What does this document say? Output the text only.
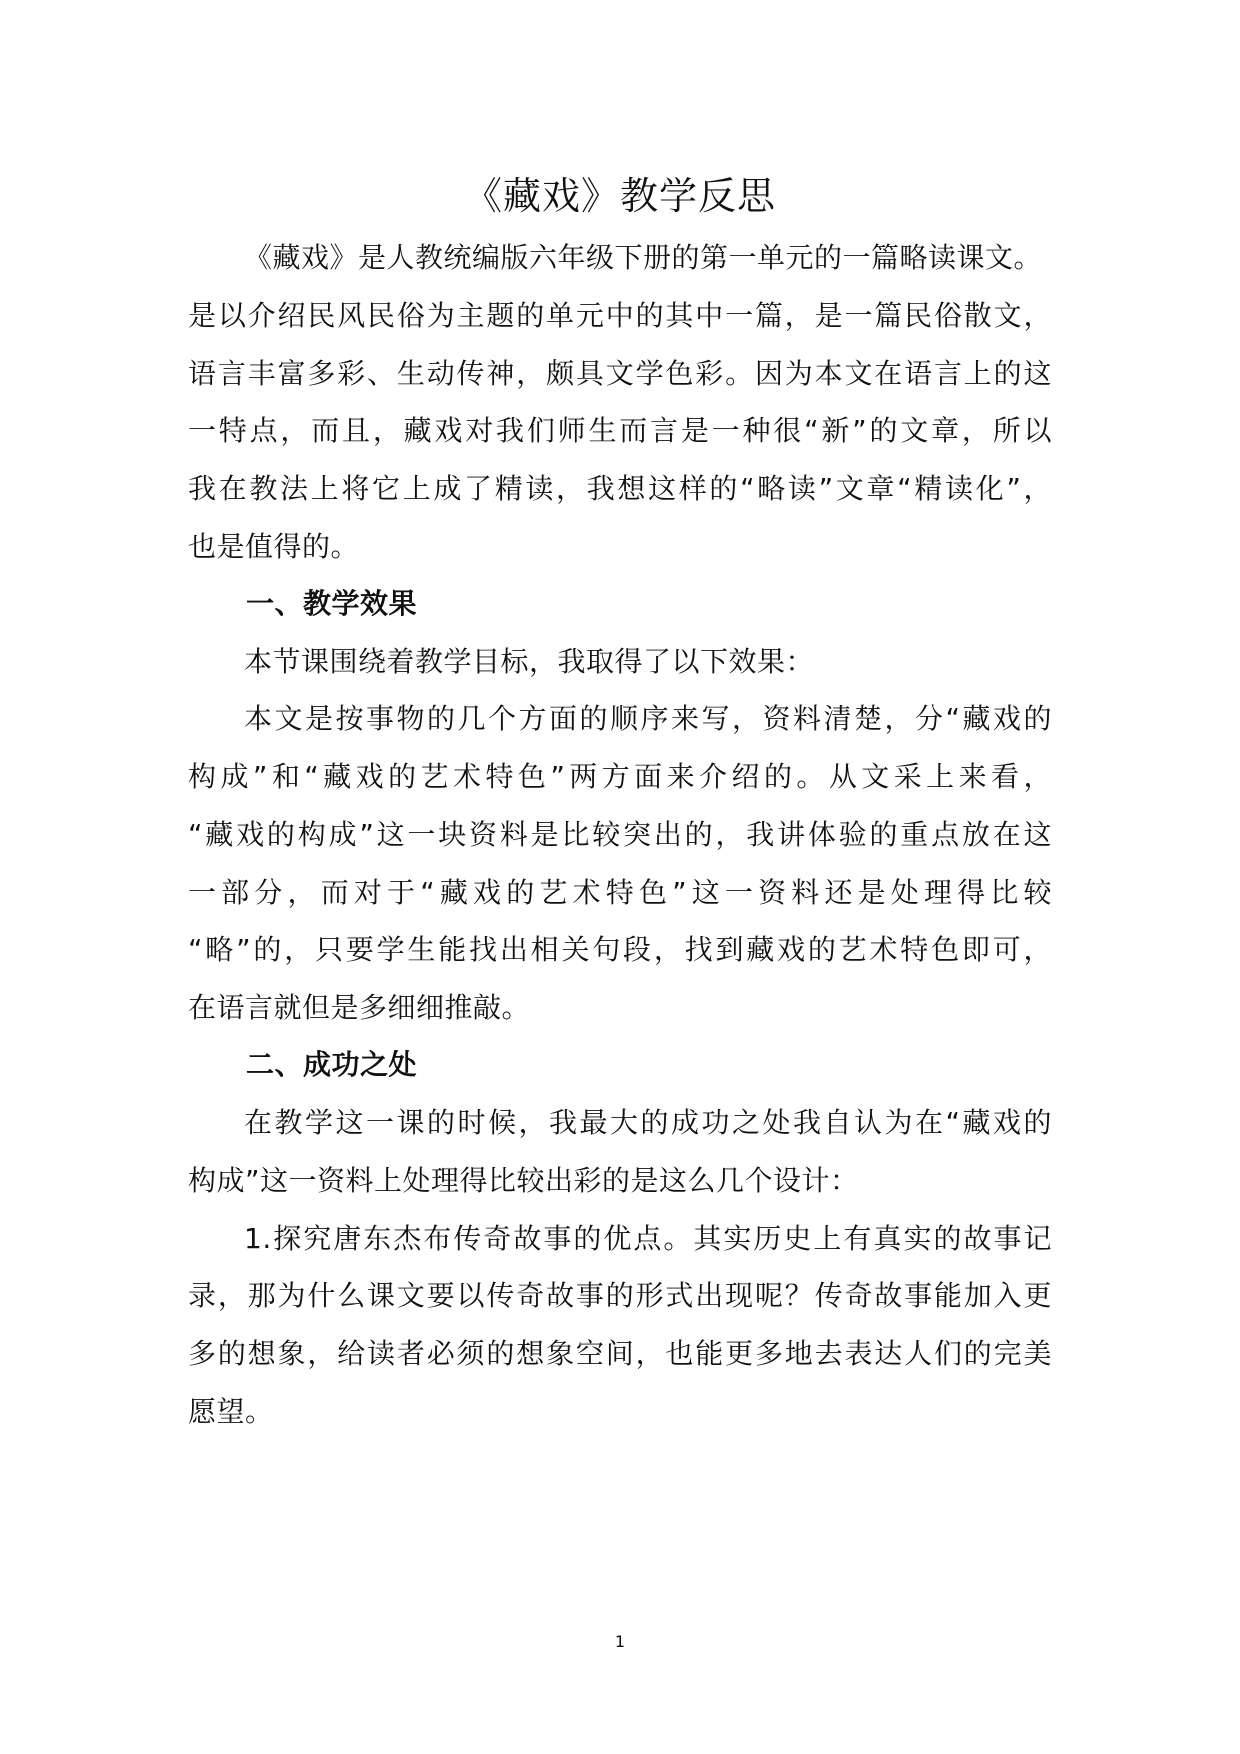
《藏戏》教学反思
《藏戏》是人教统编版六年级下册的第一单元的一篇略读课文。
是以介绍民风民俗为主题的单元中的其中一篇，是一篇民俗散文，
语言丰富多彩、生动传神，颇具文学色彩。因为本文在语言上的这
一特点，而且，藏戏对我们师生而言是一种很“新”的文章，所以
我在教法上将它上成了精读，我想这样的“略读”文章“精读化”，
也是值得的。
一、教学效果
本节课围绕着教学目标，我取得了以下效果：
本文是按事物的几个方面的顺序来写，资料清楚，分“藏戏的
构成”和“藏戏的艺术特色”两方面来介绍的。从文采上来看，
“藏戏的构成”这一块资料是比较突出的，我讲体验的重点放在这
一部分，而对于“藏戏的艺术特色”这一资料还是处理得比较
“略”的，只要学生能找出相关句段，找到藏戏的艺术特色即可，
在语言就但是多细细推敲。
二、成功之处
在教学这一课的时候，我最大的成功之处我自认为在“藏戏的
构成”这一资料上处理得比较出彩的是这么几个设计：
1.探究唐东杰布传奇故事的优点。其实历史上有真实的故事记
录，那为什么课文要以传奇故事的形式出现呢？传奇故事能加入更
多的想象，给读者必须的想象空间，也能更多地去表达人们的完美
愿望。
1
